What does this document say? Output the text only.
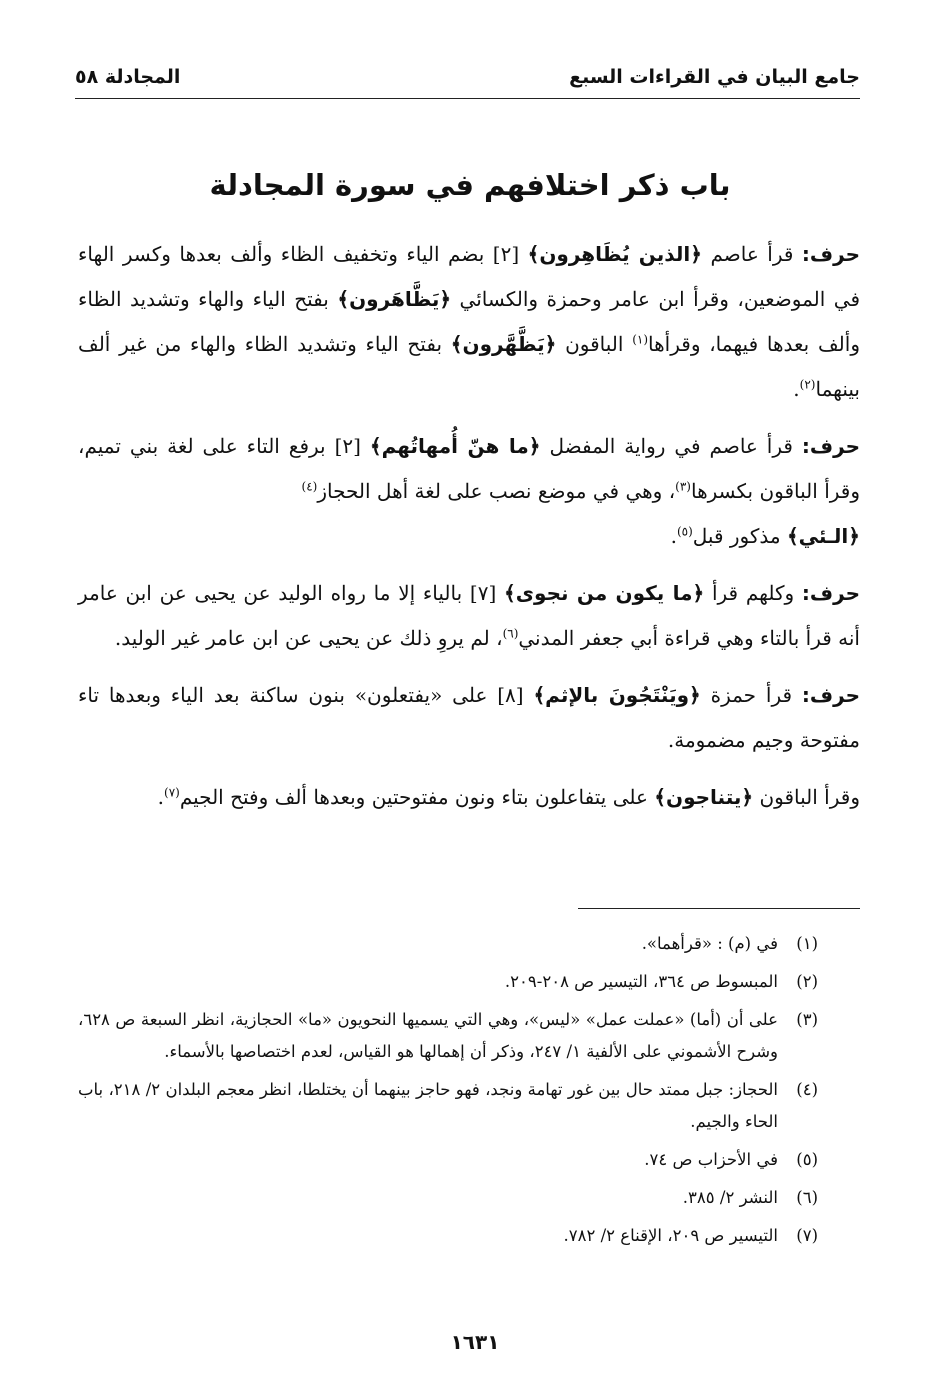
جامع البيان في القراءات السبع
المجادلة ٥٨
باب ذكر اختلافهم في سورة المجادلة

حرف: قرأ عاصم ﴿الذين يُظَاهِرون﴾ [٢] بضم الياء وتخفيف الظاء وألف بعدها وكسر الهاء في الموضعين، وقرأ ابن عامر وحمزة والكسائي ﴿يَظَّاهَرون﴾ بفتح الياء والهاء وتشديد الظاء وألف بعدها فيهما، وقرأها$^{(١)}$ الباقون ﴿يَظَّهَّرون﴾ بفتح الياء وتشديد الظاء والهاء من غير ألف بينهما$^{(٢)}$.

حرف: قرأ عاصم في رواية المفضل ﴿ما هنّ أُمهاتُهم﴾ [٢] برفع التاء على لغة بني تميم، وقرأ الباقون بكسرها$^{(٣)}$، وهي في موضع نصب على لغة أهل الحجاز$^{(٤)}$
﴿الـئي﴾ مذكور قبل$^{(٥)}$.

حرف: وكلهم قرأ ﴿ما يكون من نجوى﴾ [٧] بالياء إلا ما رواه الوليد عن يحيى عن ابن عامر أنه قرأ بالتاء وهي قراءة أبي جعفر المدني$^{(٦)}$، لم يروِ ذلك عن يحيى عن ابن عامر غير الوليد.

حرف: قرأ حمزة ﴿ويَنْتَجُونَ بالإثم﴾ [٨] على «يفتعلون» بنون ساكنة بعد الياء وبعدها تاء مفتوحة وجيم مضمومة.

وقرأ الباقون ﴿يتناجون﴾ على يتفاعلون بتاء ونون مفتوحتين وبعدها ألف وفتح الجيم$^{(٧)}$.

(١)في (م) : «قرأهما».

(٢)المبسوط ص ٣٦٤، التيسير ص ٢٠٨-٢٠٩.

(٣)على أن (أما) «عملت عمل» «ليس»، وهي التي يسميها النحويون «ما» الحجازية، انظر السبعة ص ٦٢٨، وشرح الأشموني على الألفية ١/ ٢٤٧، وذكر أن إهمالها هو القياس، لعدم اختصاصها بالأسماء.

(٤)الحجاز: جبل ممتد حال بين غور تهامة ونجد، فهو حاجز بينهما أن يختلطا، انظر معجم البلدان ٢/ ٢١٨، باب الحاء والجيم.

(٥)في الأحزاب ص ٧٤.

(٦)النشر ٢/ ٣٨٥.

(٧)التيسير ص ٢٠٩، الإقناع ٢/ ٧٨٢.

١٦٣١
